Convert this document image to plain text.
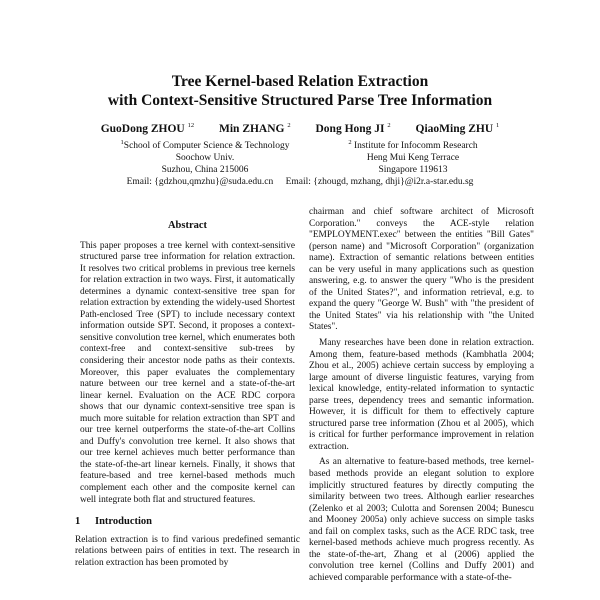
Tree Kernel-based Relation Extraction
with Context-Sensitive Structured Parse Tree Information
GuoDong ZHOU $^{12}$ Min ZHANG $^2$ Dong Hong JI $^2$ QiaoMing ZHU $^1$
$^1$School of Computer Science & Technology
Soochow Univ.
Suzhou, China 215006
$^2$ Institute for Infocomm Research
Heng Mui Keng Terrace
Singapore 119613
Email: {gdzhou,qmzhu}@suda.edu.cn Email: {zhougd, mzhang, dhji}@i2r.a-star.edu.sg
Abstract
This paper proposes a tree kernel with context-sensitive structured parse tree information for relation extraction. It resolves two critical problems in previous tree kernels for relation extraction in two ways. First, it automatically determines a dynamic context-sensitive tree span for relation extraction by extending the widely-used Shortest Path-enclosed Tree (SPT) to include necessary context information outside SPT. Second, it proposes a context-sensitive convolution tree kernel, which enumerates both context-free and context-sensitive sub-trees by considering their ancestor node paths as their contexts. Moreover, this paper evaluates the complementary nature between our tree kernel and a state-of-the-art linear kernel. Evaluation on the ACE RDC corpora shows that our dynamic context-sensitive tree span is much more suitable for relation extraction than SPT and our tree kernel outperforms the state-of-the-art Collins and Duffy's convolution tree kernel. It also shows that our tree kernel achieves much better performance than the state-of-the-art linear kernels. Finally, it shows that feature-based and tree kernel-based methods much complement each other and the composite kernel can well integrate both flat and structured features.
1 Introduction

Relation extraction is to find various predefined semantic relations between pairs of entities in text. The research in relation extraction has been promoted by

chairman and chief software architect of Microsoft Corporation." conveys the ACE-style relation "EMPLOYMENT.exec" between the entities "Bill Gates" (person name) and "Microsoft Corporation" (organization name). Extraction of semantic relations between entities can be very useful in many applications such as question answering, e.g. to answer the query "Who is the president of the United States?", and information retrieval, e.g. to expand the query "George W. Bush" with "the president of the United States" via his relationship with "the United States".

Many researches have been done in relation extraction. Among them, feature-based methods (Kambhatla 2004; Zhou et al., 2005) achieve certain success by employing a large amount of diverse linguistic features, varying from lexical knowledge, entity-related information to syntactic parse trees, dependency trees and semantic information. However, it is difficult for them to effectively capture structured parse tree information (Zhou et al 2005), which is critical for further performance improvement in relation extraction.

As an alternative to feature-based methods, tree kernel-based methods provide an elegant solution to explore implicitly structured features by directly computing the similarity between two trees. Although earlier researches (Zelenko et al 2003; Culotta and Sorensen 2004; Bunescu and Mooney 2005a) only achieve success on simple tasks and fail on complex tasks, such as the ACE RDC task, tree kernel-based methods achieve much progress recently. As the state-of-the-art, Zhang et al (2006) applied the convolution tree kernel (Collins and Duffy 2001) and achieved comparable performance with a state-of-the-
